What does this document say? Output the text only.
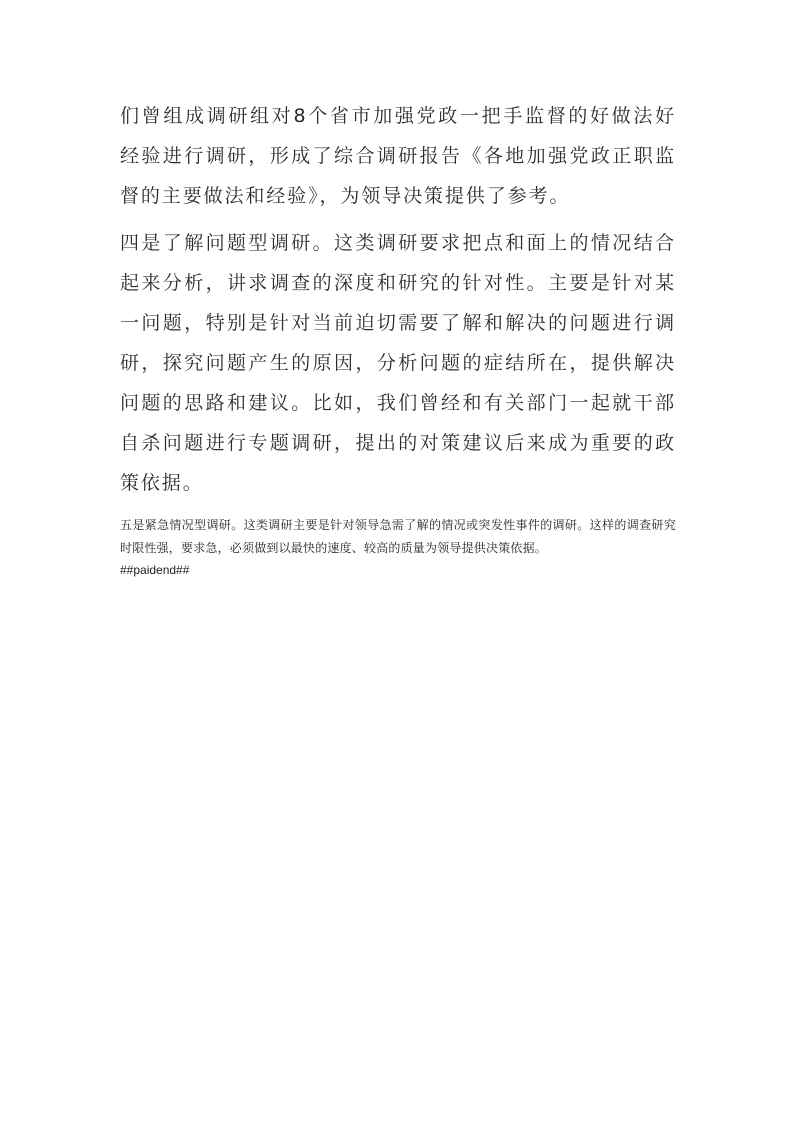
们曾组成调研组对8个省市加强党政一把手监督的好做法好经验进行调研，形成了综合调研报告《各地加强党政正职监督的主要做法和经验》，为领导决策提供了参考。

四是了解问题型调研。这类调研要求把点和面上的情况结合起来分析，讲求调查的深度和研究的针对性。主要是针对某一问题，特别是针对当前迫切需要了解和解决的问题进行调研，探究问题产生的原因，分析问题的症结所在，提供解决问题的思路和建议。比如，我们曾经和有关部门一起就干部自杀问题进行专题调研，提出的对策建议后来成为重要的政策依据。

五是紧急情况型调研。这类调研主要是针对领导急需了解的情况或突发性事件的调研。这样的调查研究时限性强，要求急，必须做到以最快的速度、较高的质量为领导提供决策依据。

##paidend##
